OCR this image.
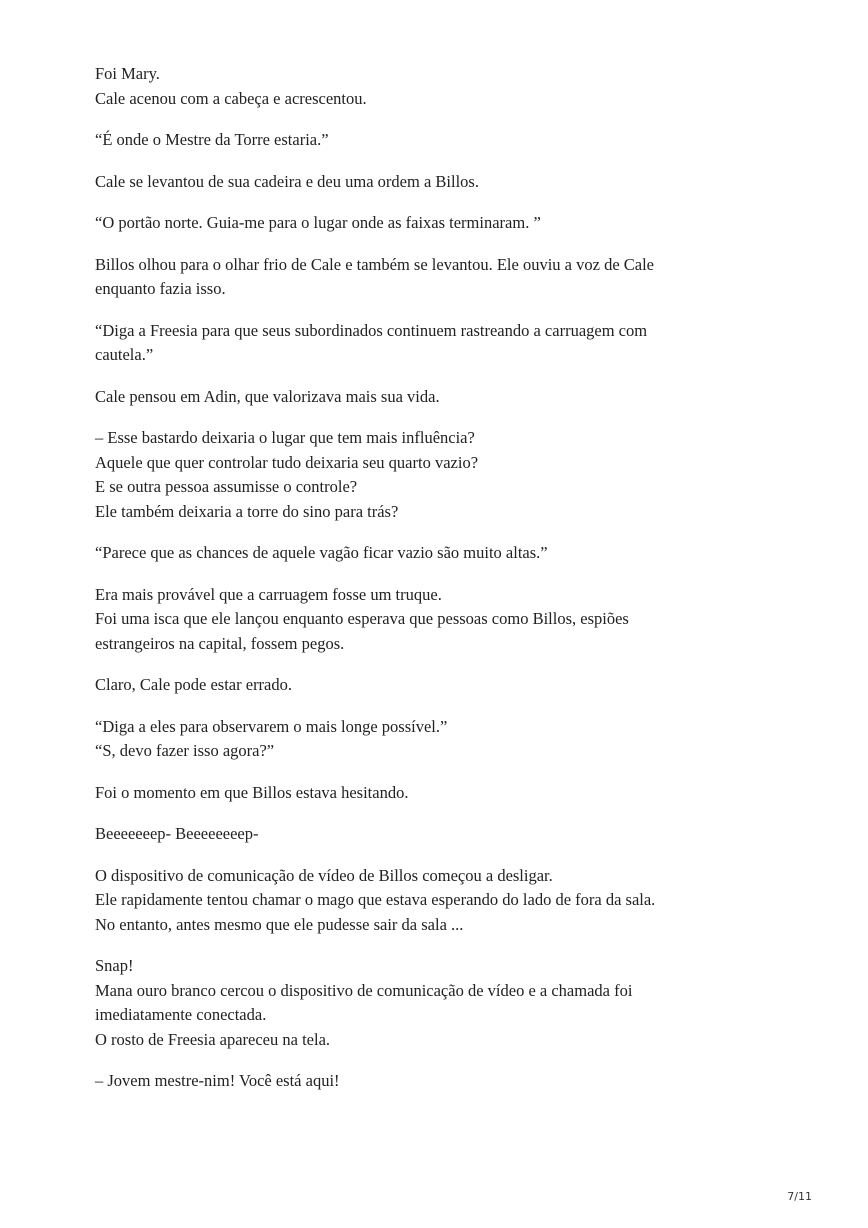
Foi Mary.
Cale acenou com a cabeça e acrescentou.

“É onde o Mestre da Torre estaria.”

Cale se levantou de sua cadeira e deu uma ordem a Billos.

“O portão norte. Guia-me para o lugar onde as faixas terminaram. ”

Billos olhou para o olhar frio de Cale e também se levantou. Ele ouviu a voz de Cale
enquanto fazia isso.

“Diga a Freesia para que seus subordinados continuem rastreando a carruagem com
cautela.”

Cale pensou em Adin, que valorizava mais sua vida.

– Esse bastardo deixaria o lugar que tem mais influência?
Aquele que quer controlar tudo deixaria seu quarto vazio?
E se outra pessoa assumisse o controle?
Ele também deixaria a torre do sino para trás?

“Parece que as chances de aquele vagão ficar vazio são muito altas.”

Era mais provável que a carruagem fosse um truque.
Foi uma isca que ele lançou enquanto esperava que pessoas como Billos, espiões
estrangeiros na capital, fossem pegos.

Claro, Cale pode estar errado.

“Diga a eles para observarem o mais longe possível.”
“S, devo fazer isso agora?”

Foi o momento em que Billos estava hesitando.

Beeeeeeep- Beeeeeeeep-

O dispositivo de comunicação de vídeo de Billos começou a desligar.
Ele rapidamente tentou chamar o mago que estava esperando do lado de fora da sala.
No entanto, antes mesmo que ele pudesse sair da sala ...

Snap!
Mana ouro branco cercou o dispositivo de comunicação de vídeo e a chamada foi
imediatamente conectada.
O rosto de Freesia apareceu na tela.

– Jovem mestre-nim! Você está aqui!

7/11
